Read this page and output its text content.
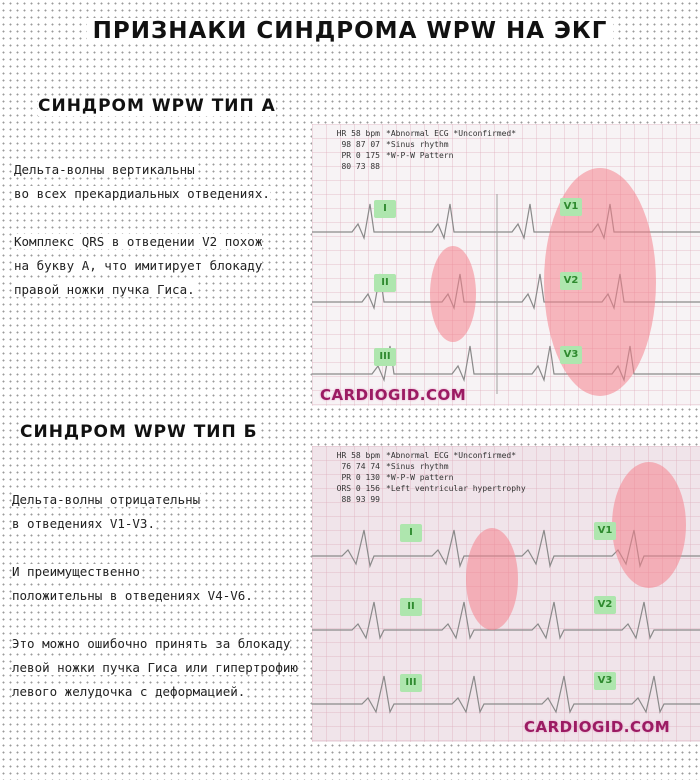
ПРИЗНАКИ СИНДРОМА WPW НА ЭКГ
СИНДРОМ WPW ТИП А
Дельта-волны вертикальны
во всех прекардиальных отведениях.
Комплекс QRS в отведении V2 похож
на букву А, что имитирует блокаду
правой ножки пучка Гиса.
HR 58 bpm *Abnormal ECG *Unconfirmed*
98 87 07 *Sinus rhythm
PR 0 175 *W-P-W Pattern
80 73 88
I
II
III
V1
V2
V3
CARDIOGID.COM
СИНДРОМ WPW ТИП Б
Дельта-волны отрицательны
в отведениях V1-V3.
И преимущественно
положительны в отведениях V4-V6.
Это можно ошибочно принять за блокаду
левой ножки пучка Гиса или гипертрофию
левого желудочка с деформацией.
HR 58 bpm *Abnormal ECG *Unconfirmed*
76 74 74 *Sinus rhythm
PR 0 130 *W-P-W pattern
ORS 0 156 *Left ventricular hypertrophy
88 93 99
I
II
III
V1
V2
V3
CARDIOGID.COM
